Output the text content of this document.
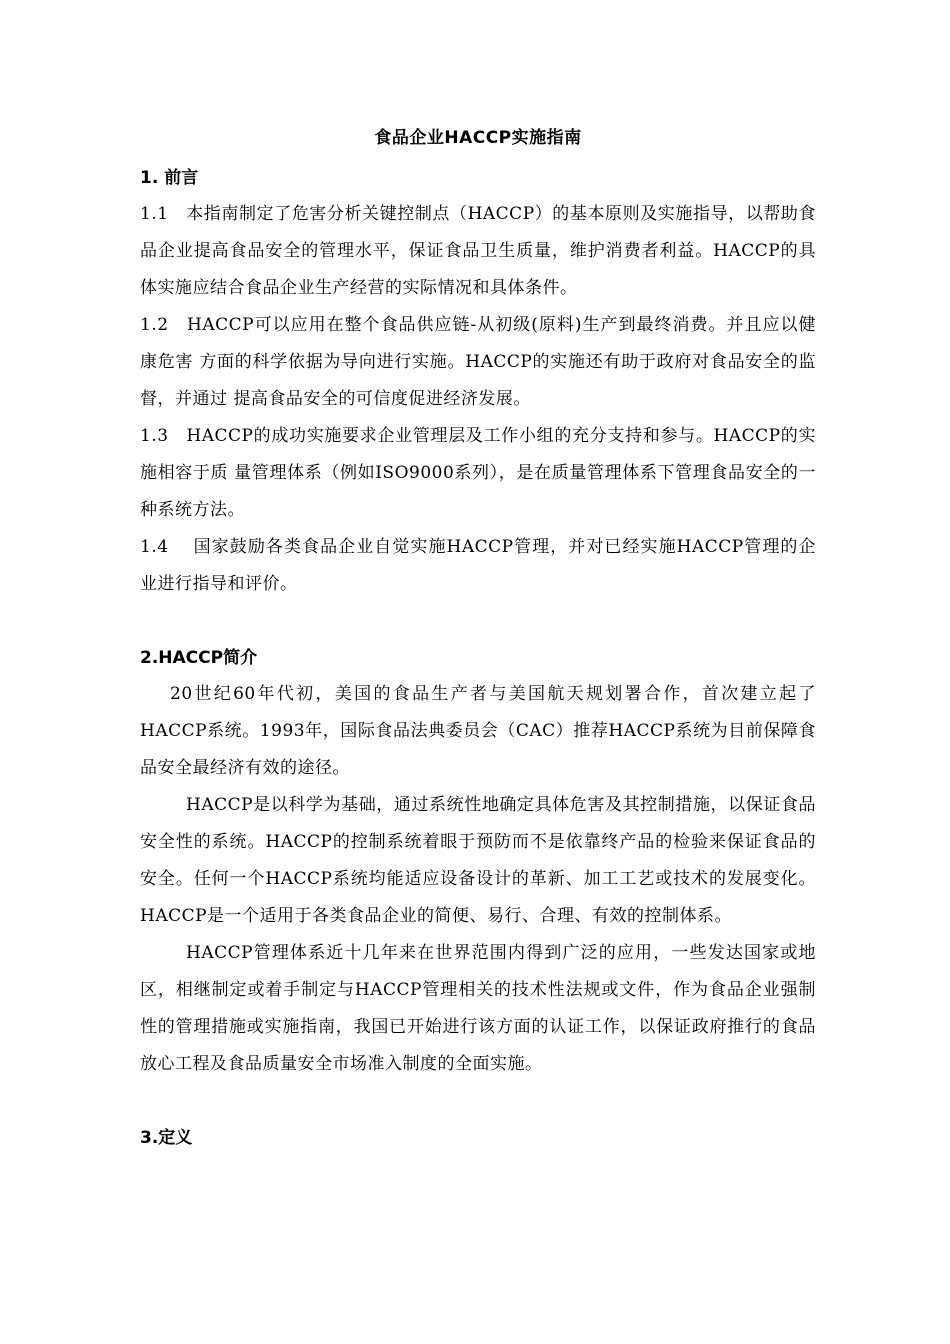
食品企业HACCP实施指南
1. 前言

1.1　本指南制定了危害分析关键控制点（HACCP）的基本原则及实施指导，以帮助食品企业提高食品安全的管理水平，保证食品卫生质量，维护消费者利益。HACCP的具体实施应结合食品企业生产经营的实际情况和具体条件。

1.2　HACCP可以应用在整个食品供应链-从初级(原料)生产到最终消费。并且应以健康危害 方面的科学依据为导向进行实施。HACCP的实施还有助于政府对食品安全的监督，并通过 提高食品安全的可信度促进经济发展。

1.3　HACCP的成功实施要求企业管理层及工作小组的充分支持和参与。HACCP的实施相容于质 量管理体系（例如ISO9000系列），是在质量管理体系下管理食品安全的一种系统方法。

1.4　 国家鼓励各类食品企业自觉实施HACCP管理，并对已经实施HACCP管理的企业进行指导和评价。

2.HACCP简介

20世纪60年代初，美国的食品生产者与美国航天规划署合作，首次建立起了HACCP系统。1993年，国际食品法典委员会（CAC）推荐HACCP系统为目前保障食品安全最经济有效的途径。

HACCP是以科学为基础，通过系统性地确定具体危害及其控制措施，以保证食品安全性的系统。HACCP的控制系统着眼于预防而不是依靠终产品的检验来保证食品的安全。任何一个HACCP系统均能适应设备设计的革新、加工工艺或技术的发展变化。HACCP是一个适用于各类食品企业的简便、易行、合理、有效的控制体系。

HACCP管理体系近十几年来在世界范围内得到广泛的应用，一些发达国家或地区，相继制定或着手制定与HACCP管理相关的技术性法规或文件，作为食品企业强制性的管理措施或实施指南，我国已开始进行该方面的认证工作，以保证政府推行的食品放心工程及食品质量安全市场准入制度的全面实施。

3.定义
